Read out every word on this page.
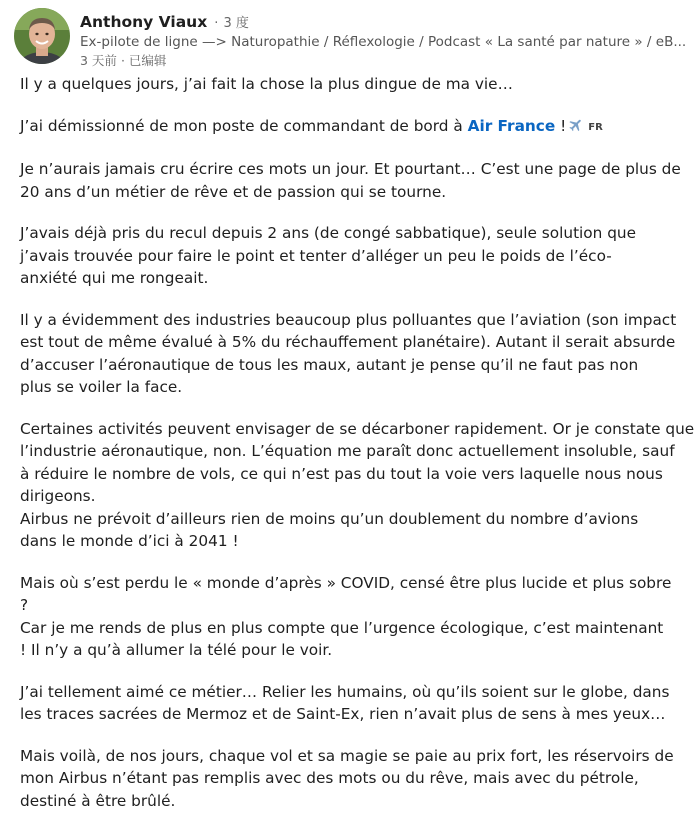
Anthony Viaux · 3 度
Ex-pilote de ligne —> Naturopathie / Réflexologie / Podcast « La santé par nature » / eB...
3 天前 · 已编辑
Il y a quelques jours, j’ai fait la chose la plus dingue de ma vie…
J’ai démissionné de mon poste de commandant de bord à Air France ! FR
Je n’aurais jamais cru écrire ces mots un jour. Et pourtant… C’est une page de plus de
20 ans d’un métier de rêve et de passion qui se tourne.
J’avais déjà pris du recul depuis 2 ans (de congé sabbatique), seule solution que
j’avais trouvée pour faire le point et tenter d’alléger un peu le poids de l’éco-
anxiété qui me rongeait.
Il y a évidemment des industries beaucoup plus polluantes que l’aviation (son impact
est tout de même évalué à 5% du réchauffement planétaire). Autant il serait absurde
d’accuser l’aéronautique de tous les maux, autant je pense qu’il ne faut pas non
plus se voiler la face.
Certaines activités peuvent envisager de se décarboner rapidement. Or je constate que
l’industrie aéronautique, non. L’équation me paraît donc actuellement insoluble, sauf
à réduire le nombre de vols, ce qui n’est pas du tout la voie vers laquelle nous nous
dirigeons.
Airbus ne prévoit d’ailleurs rien de moins qu’un doublement du nombre d’avions
dans le monde d’ici à 2041 !
Mais où s’est perdu le « monde d’après » COVID, censé être plus lucide et plus sobre
?
Car je me rends de plus en plus compte que l’urgence écologique, c’est maintenant
! Il n’y a qu’à allumer la télé pour le voir.
J’ai tellement aimé ce métier… Relier les humains, où qu’ils soient sur le globe, dans
les traces sacrées de Mermoz et de Saint-Ex, rien n’avait plus de sens à mes yeux…
Mais voilà, de nos jours, chaque vol et sa magie se paie au prix fort, les réservoirs de
mon Airbus n’étant pas remplis avec des mots ou du rêve, mais avec du pétrole,
destiné à être brûlé.
